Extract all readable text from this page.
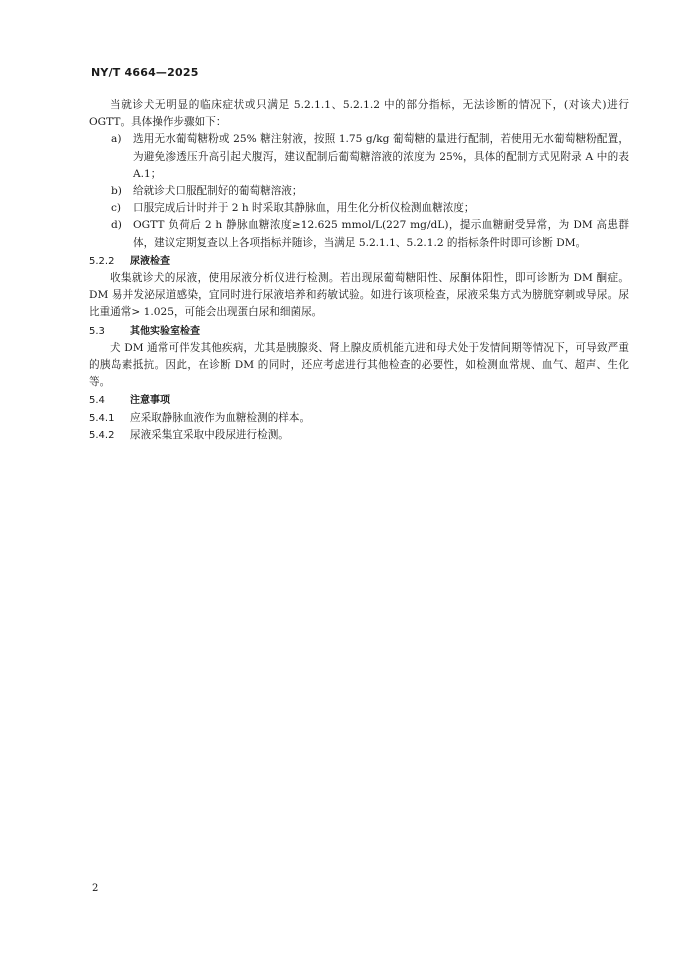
NY/T 4664—2025

当就诊犬无明显的临床症状或只满足 5.2.1.1、5.2.1.2 中的部分指标，无法诊断的情况下，(对该犬)进行 OGTT。具体操作步骤如下：

a)	选用无水葡萄糖粉或 25% 糖注射液，按照 1.75 g/kg 葡萄糖的量进行配制，若使用无水葡萄糖粉配置，为避免渗透压升高引起犬腹泻，建议配制后葡萄糖溶液的浓度为 25%，具体的配制方式见附录 A 中的表 A.1；
b)	给就诊犬口服配制好的葡萄糖溶液；
c)	口服完成后计时并于 2 h 时采取其静脉血，用生化分析仪检测血糖浓度；
d)	OGTT 负荷后 2 h 静脉血糖浓度≥12.625 mmol/L(227 mg/dL)，提示血糖耐受异常，为 DM 高患群体，建议定期复查以上各项指标并随诊，当满足 5.2.1.1、5.2.1.2 的指标条件时即可诊断 DM。
5.2.2	尿液检查

收集就诊犬的尿液，使用尿液分析仪进行检测。若出现尿葡萄糖阳性、尿酮体阳性，即可诊断为 DM 酮症。DM 易并发泌尿道感染，宜同时进行尿液培养和药敏试验。如进行该项检查，尿液采集方式为膀胱穿刺或导尿。尿比重通常> 1.025，可能会出现蛋白尿和细菌尿。

5.3	其他实验室检查

犬 DM 通常可伴发其他疾病，尤其是胰腺炎、肾上腺皮质机能亢进和母犬处于发情间期等情况下，可导致严重的胰岛素抵抗。因此，在诊断 DM 的同时，还应考虑进行其他检查的必要性，如检测血常规、血气、超声、生化等。

5.4	注意事项
5.4.1	应采取静脉血液作为血糖检测的样本。
5.4.2	尿液采集宜采取中段尿进行检测。
2
